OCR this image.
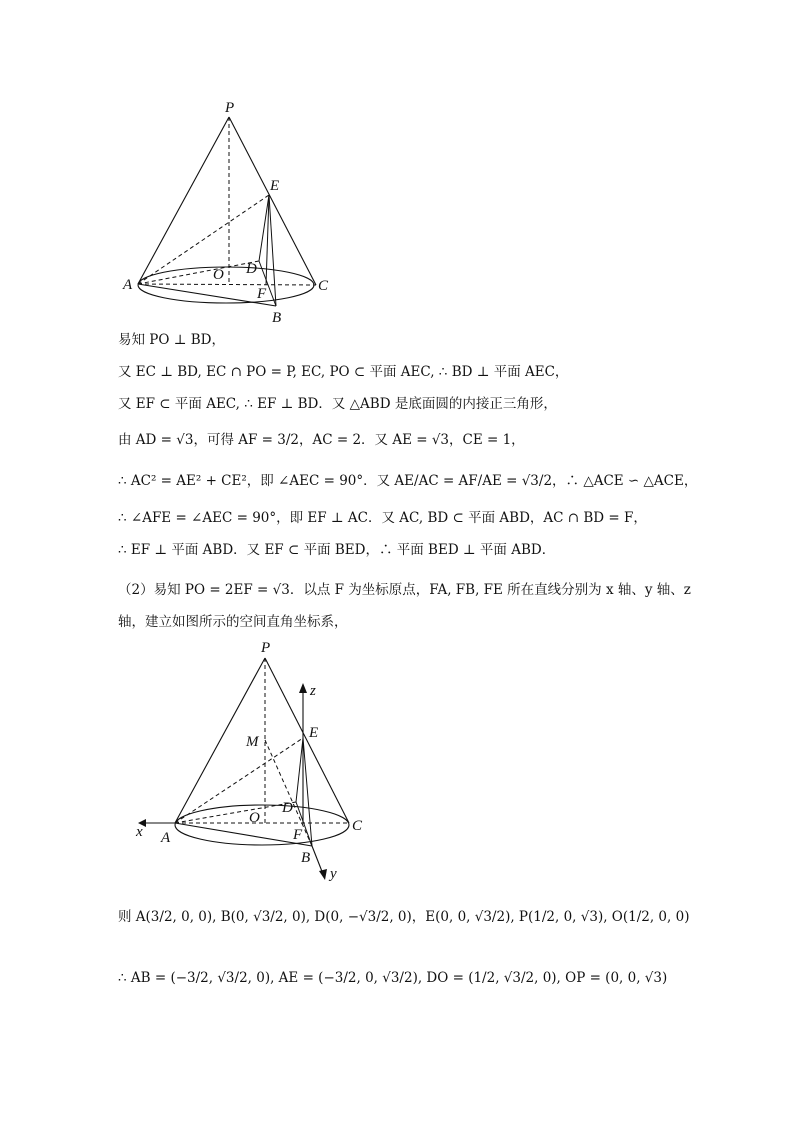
P
E
A
O D
C
F
B
易知 PO ⊥ BD，
又 EC ⊥ BD, EC ∩ PO = P, EC, PO ⊂ 平面 AEC, ∴ BD ⊥ 平面 AEC，
又 EF ⊂ 平面 AEC, ∴ EF ⊥ BD．又 △ABD 是底面圆的内接正三角形，
由 AD = √3，可得 AF = 3/2，AC = 2．又 AE = √3，CE = 1，
∴ AC² = AE² + CE²，即 ∠AEC = 90°．又 AE/AC = AF/AE = √3/2，∴ △ACE ∽ △ACE，
∴ ∠AFE = ∠AEC = 90°，即 EF ⊥ AC．又 AC, BD ⊂ 平面 ABD，AC ∩ BD = F，
∴ EF ⊥ 平面 ABD．又 EF ⊂ 平面 BED，∴ 平面 BED ⊥ 平面 ABD．
（2）易知 PO = 2EF = √3．以点 F 为坐标原点，FA, FB, FE 所在直线分别为 x 轴、y 轴、z
轴，建立如图所示的空间直角坐标系，
P
z
M
E
x A
O
D
F
C
B
y
则 A(3/2, 0, 0), B(0, √3/2, 0), D(0, −√3/2, 0)，E(0, 0, √3/2), P(1/2, 0, √3), O(1/2, 0, 0)
∴ AB = (−3/2, √3/2, 0), AE = (−3/2, 0, √3/2), DO = (1/2, √3/2, 0), OP = (0, 0, √3)
